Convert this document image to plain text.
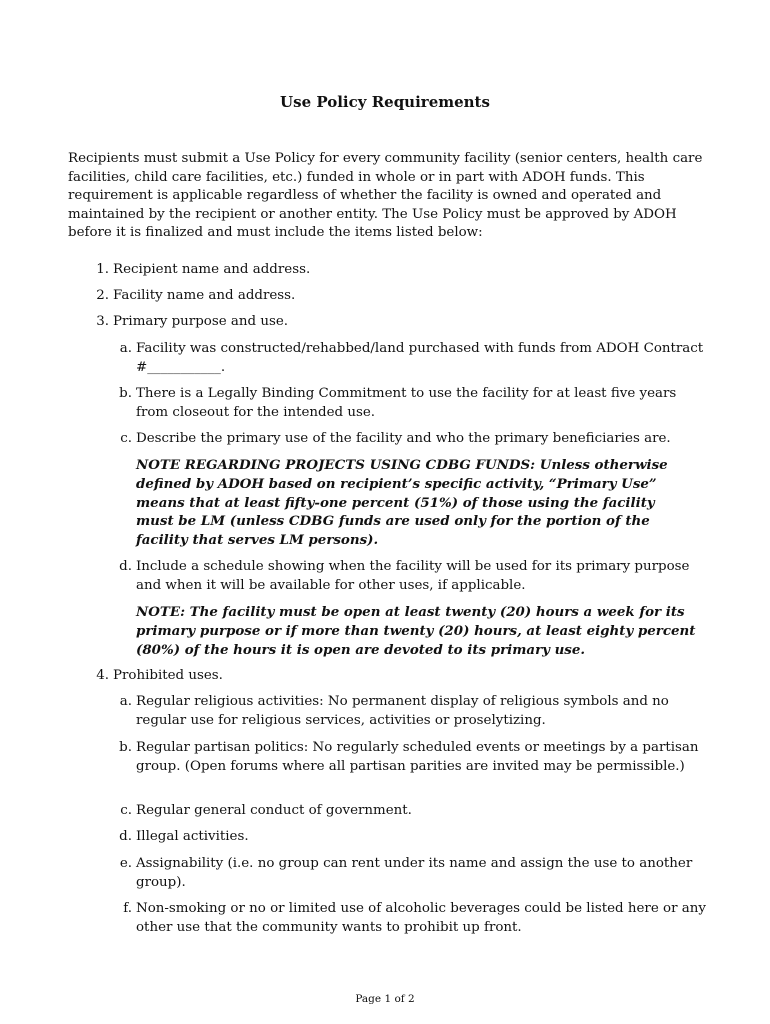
Use Policy Requirements
Recipients must submit a Use Policy for every community facility (senior centers, health care facilities, child care facilities, etc.) funded in whole or in part with ADOH funds. This requirement is applicable regardless of whether the facility is owned and operated and maintained by the recipient or another entity. The Use Policy must be approved by ADOH before it is finalized and must include the items listed below:
1. Recipient name and address.
2. Facility name and address.
3. Primary purpose and use.
a. Facility was constructed/rehabbed/land purchased with funds from ADOH Contract #___________.
b. There is a Legally Binding Commitment to use the facility for at least five years from closeout for the intended use.
c. Describe the primary use of the facility and who the primary beneficiaries are.
NOTE REGARDING PROJECTS USING CDBG FUNDS: Unless otherwise defined by ADOH based on recipient’s specific activity, “Primary Use” means that at least fifty-one percent (51%) of those using the facility must be LM (unless CDBG funds are used only for the portion of the facility that serves LM persons).
d. Include a schedule showing when the facility will be used for its primary purpose and when it will be available for other uses, if applicable.
NOTE: The facility must be open at least twenty (20) hours a week for its primary purpose or if more than twenty (20) hours, at least eighty percent (80%) of the hours it is open are devoted to its primary use.
4. Prohibited uses.
a. Regular religious activities: No permanent display of religious symbols and no regular use for religious services, activities or proselytizing.
b. Regular partisan politics: No regularly scheduled events or meetings by a partisan group. (Open forums where all partisan parities are invited may be permissible.)
c. Regular general conduct of government.
d. Illegal activities.
e. Assignability (i.e. no group can rent under its name and assign the use to another group).
f. Non-smoking or no or limited use of alcoholic beverages could be listed here or any other use that the community wants to prohibit up front.
Page 1 of 2
